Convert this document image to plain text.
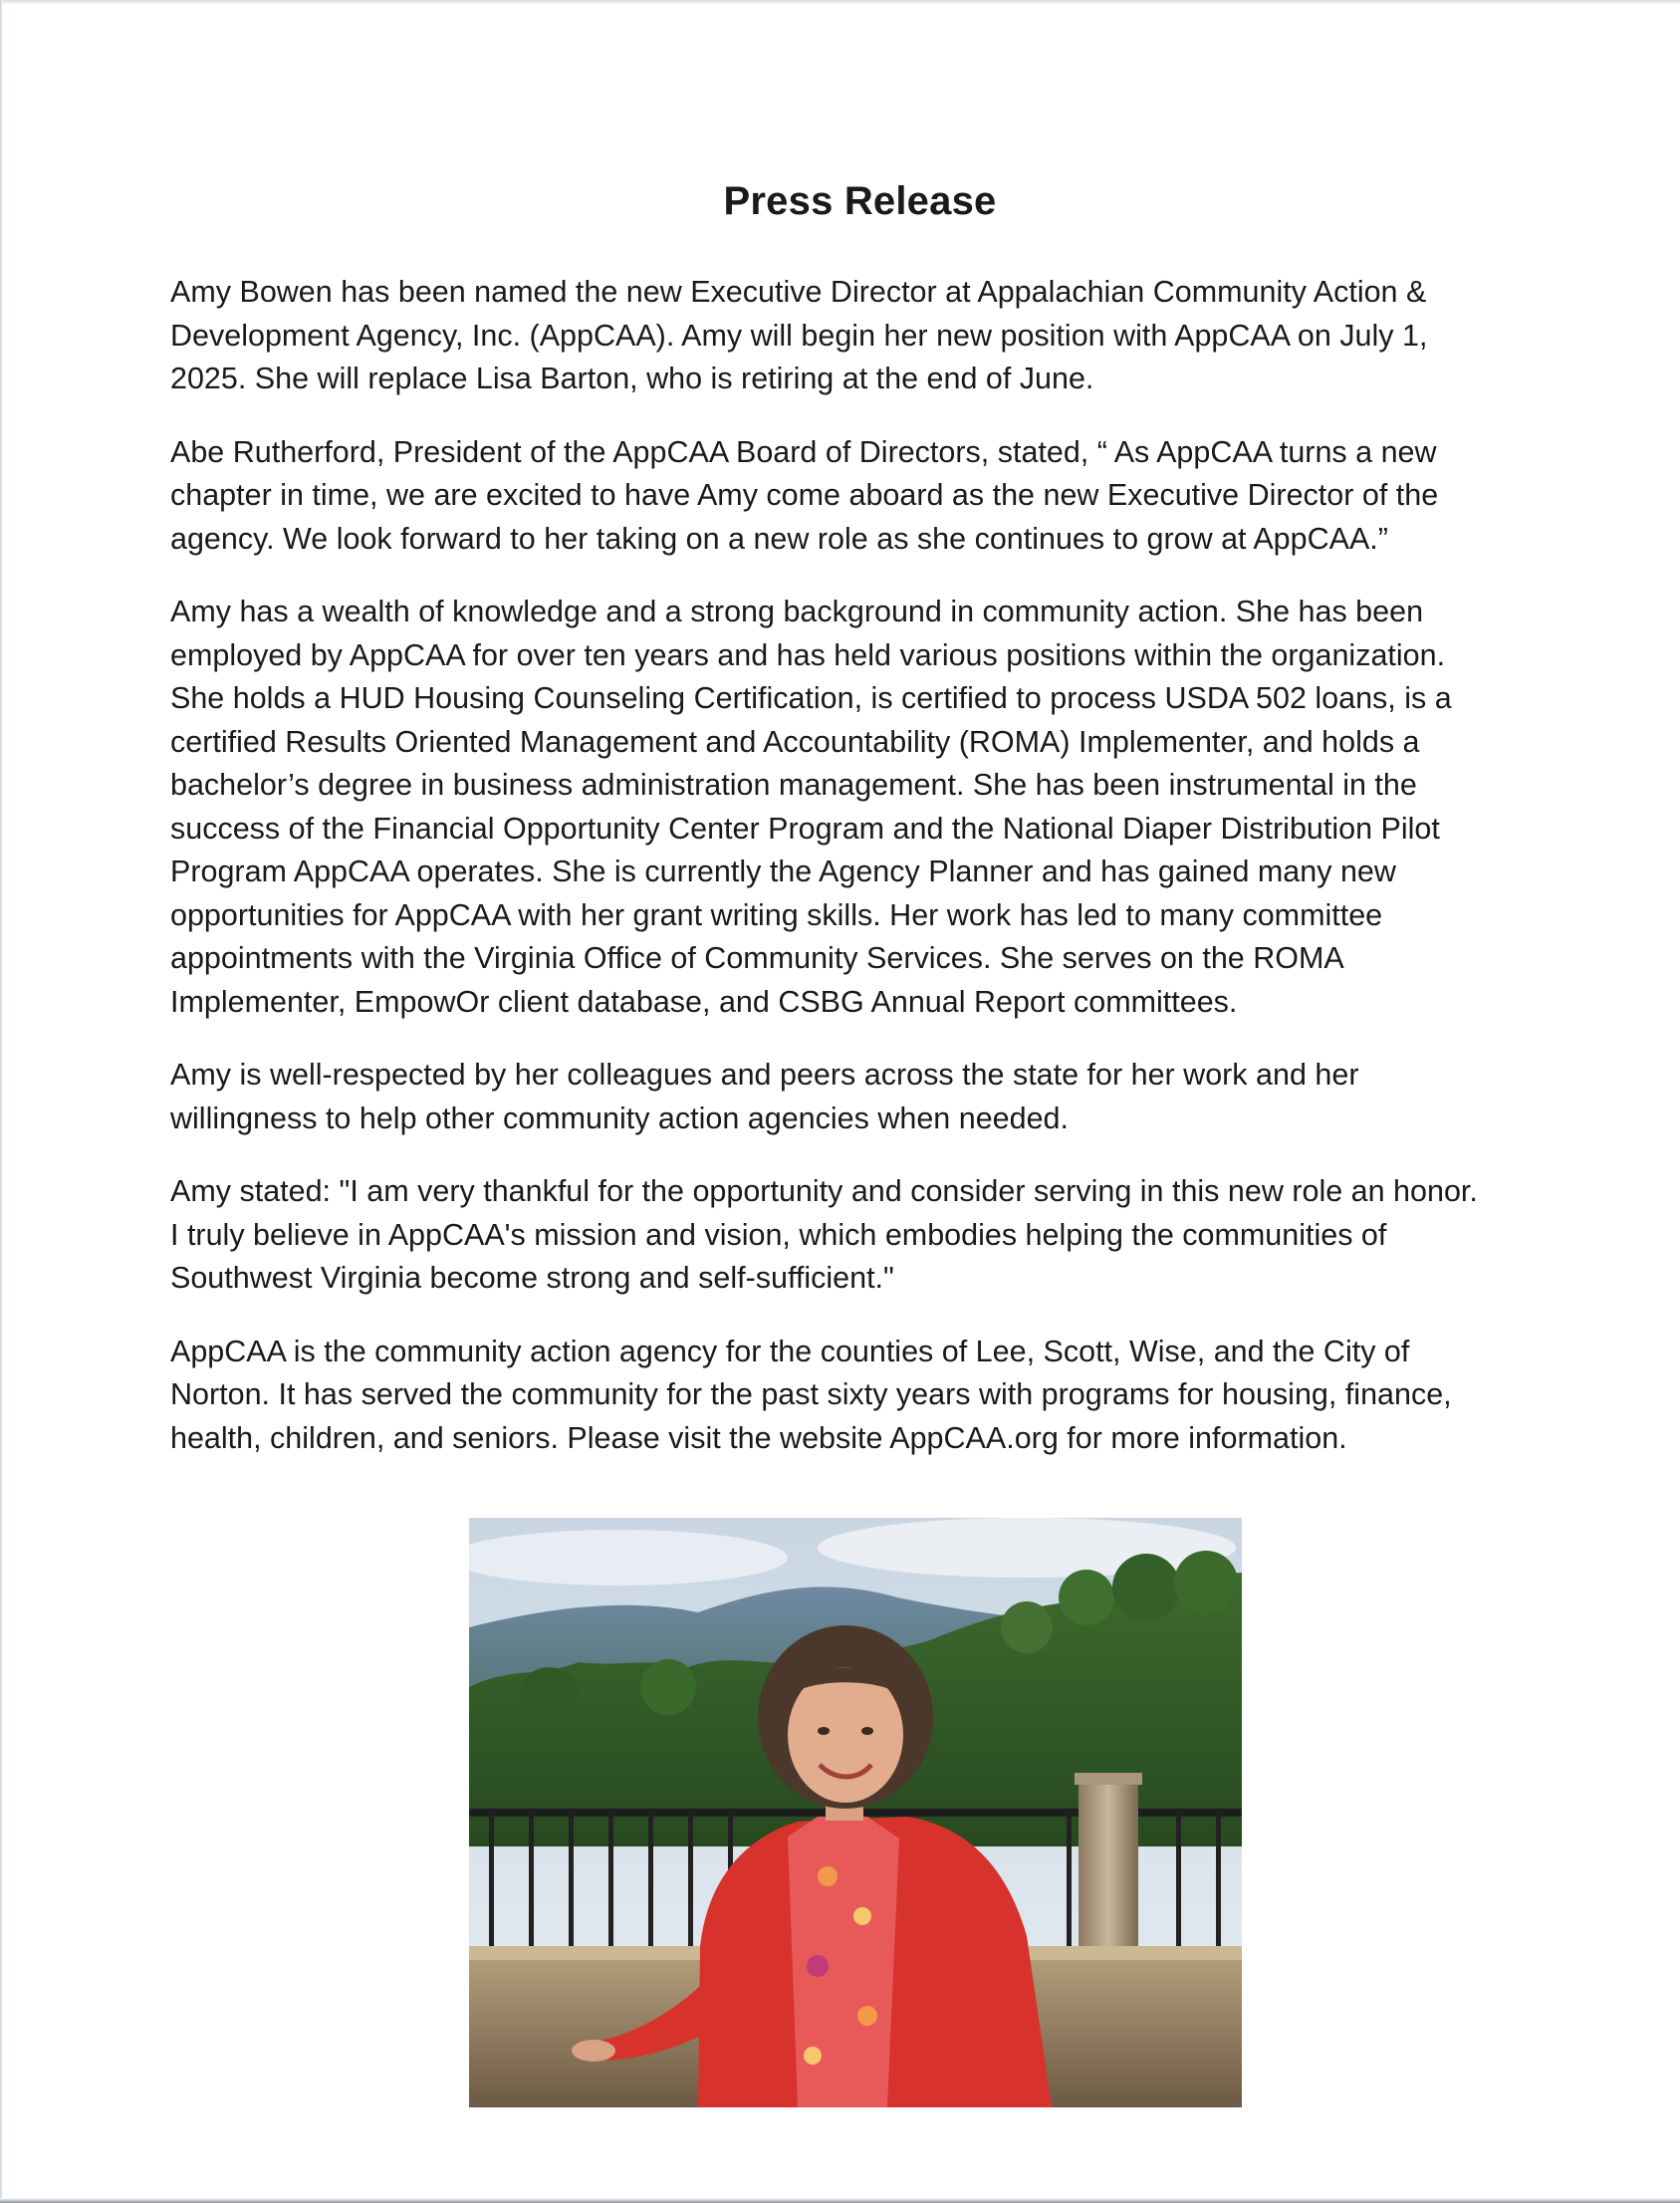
Press Release

Amy Bowen has been named the new Executive Director at Appalachian Community Action &
Development Agency, Inc. (AppCAA). Amy will begin her new position with AppCAA on July 1,
2025. She will replace Lisa Barton, who is retiring at the end of June.

Abe Rutherford, President of the AppCAA Board of Directors, stated, “ As AppCAA turns a new
chapter in time, we are excited to have Amy come aboard as the new Executive Director of the
agency. We look forward to her taking on a new role as she continues to grow at AppCAA.”

Amy has a wealth of knowledge and a strong background in community action. She has been
employed by AppCAA for over ten years and has held various positions within the organization.
She holds a HUD Housing Counseling Certification, is certified to process USDA 502 loans, is a
certified Results Oriented Management and Accountability (ROMA) Implementer, and holds a
bachelor’s degree in business administration management. She has been instrumental in the
success of the Financial Opportunity Center Program and the National Diaper Distribution Pilot
Program AppCAA operates. She is currently the Agency Planner and has gained many new
opportunities for AppCAA with her grant writing skills. Her work has led to many committee
appointments with the Virginia Office of Community Services. She serves on the ROMA
Implementer, EmpowOr client database, and CSBG Annual Report committees.

Amy is well-respected by her colleagues and peers across the state for her work and her
willingness to help other community action agencies when needed.

Amy stated: "I am very thankful for the opportunity and consider serving in this new role an honor.
I truly believe in AppCAA's mission and vision, which embodies helping the communities of
Southwest Virginia become strong and self-sufficient."

AppCAA is the community action agency for the counties of Lee, Scott, Wise, and the City of
Norton. It has served the community for the past sixty years with programs for housing, finance,
health, children, and seniors. Please visit the website AppCAA.org for more information.
